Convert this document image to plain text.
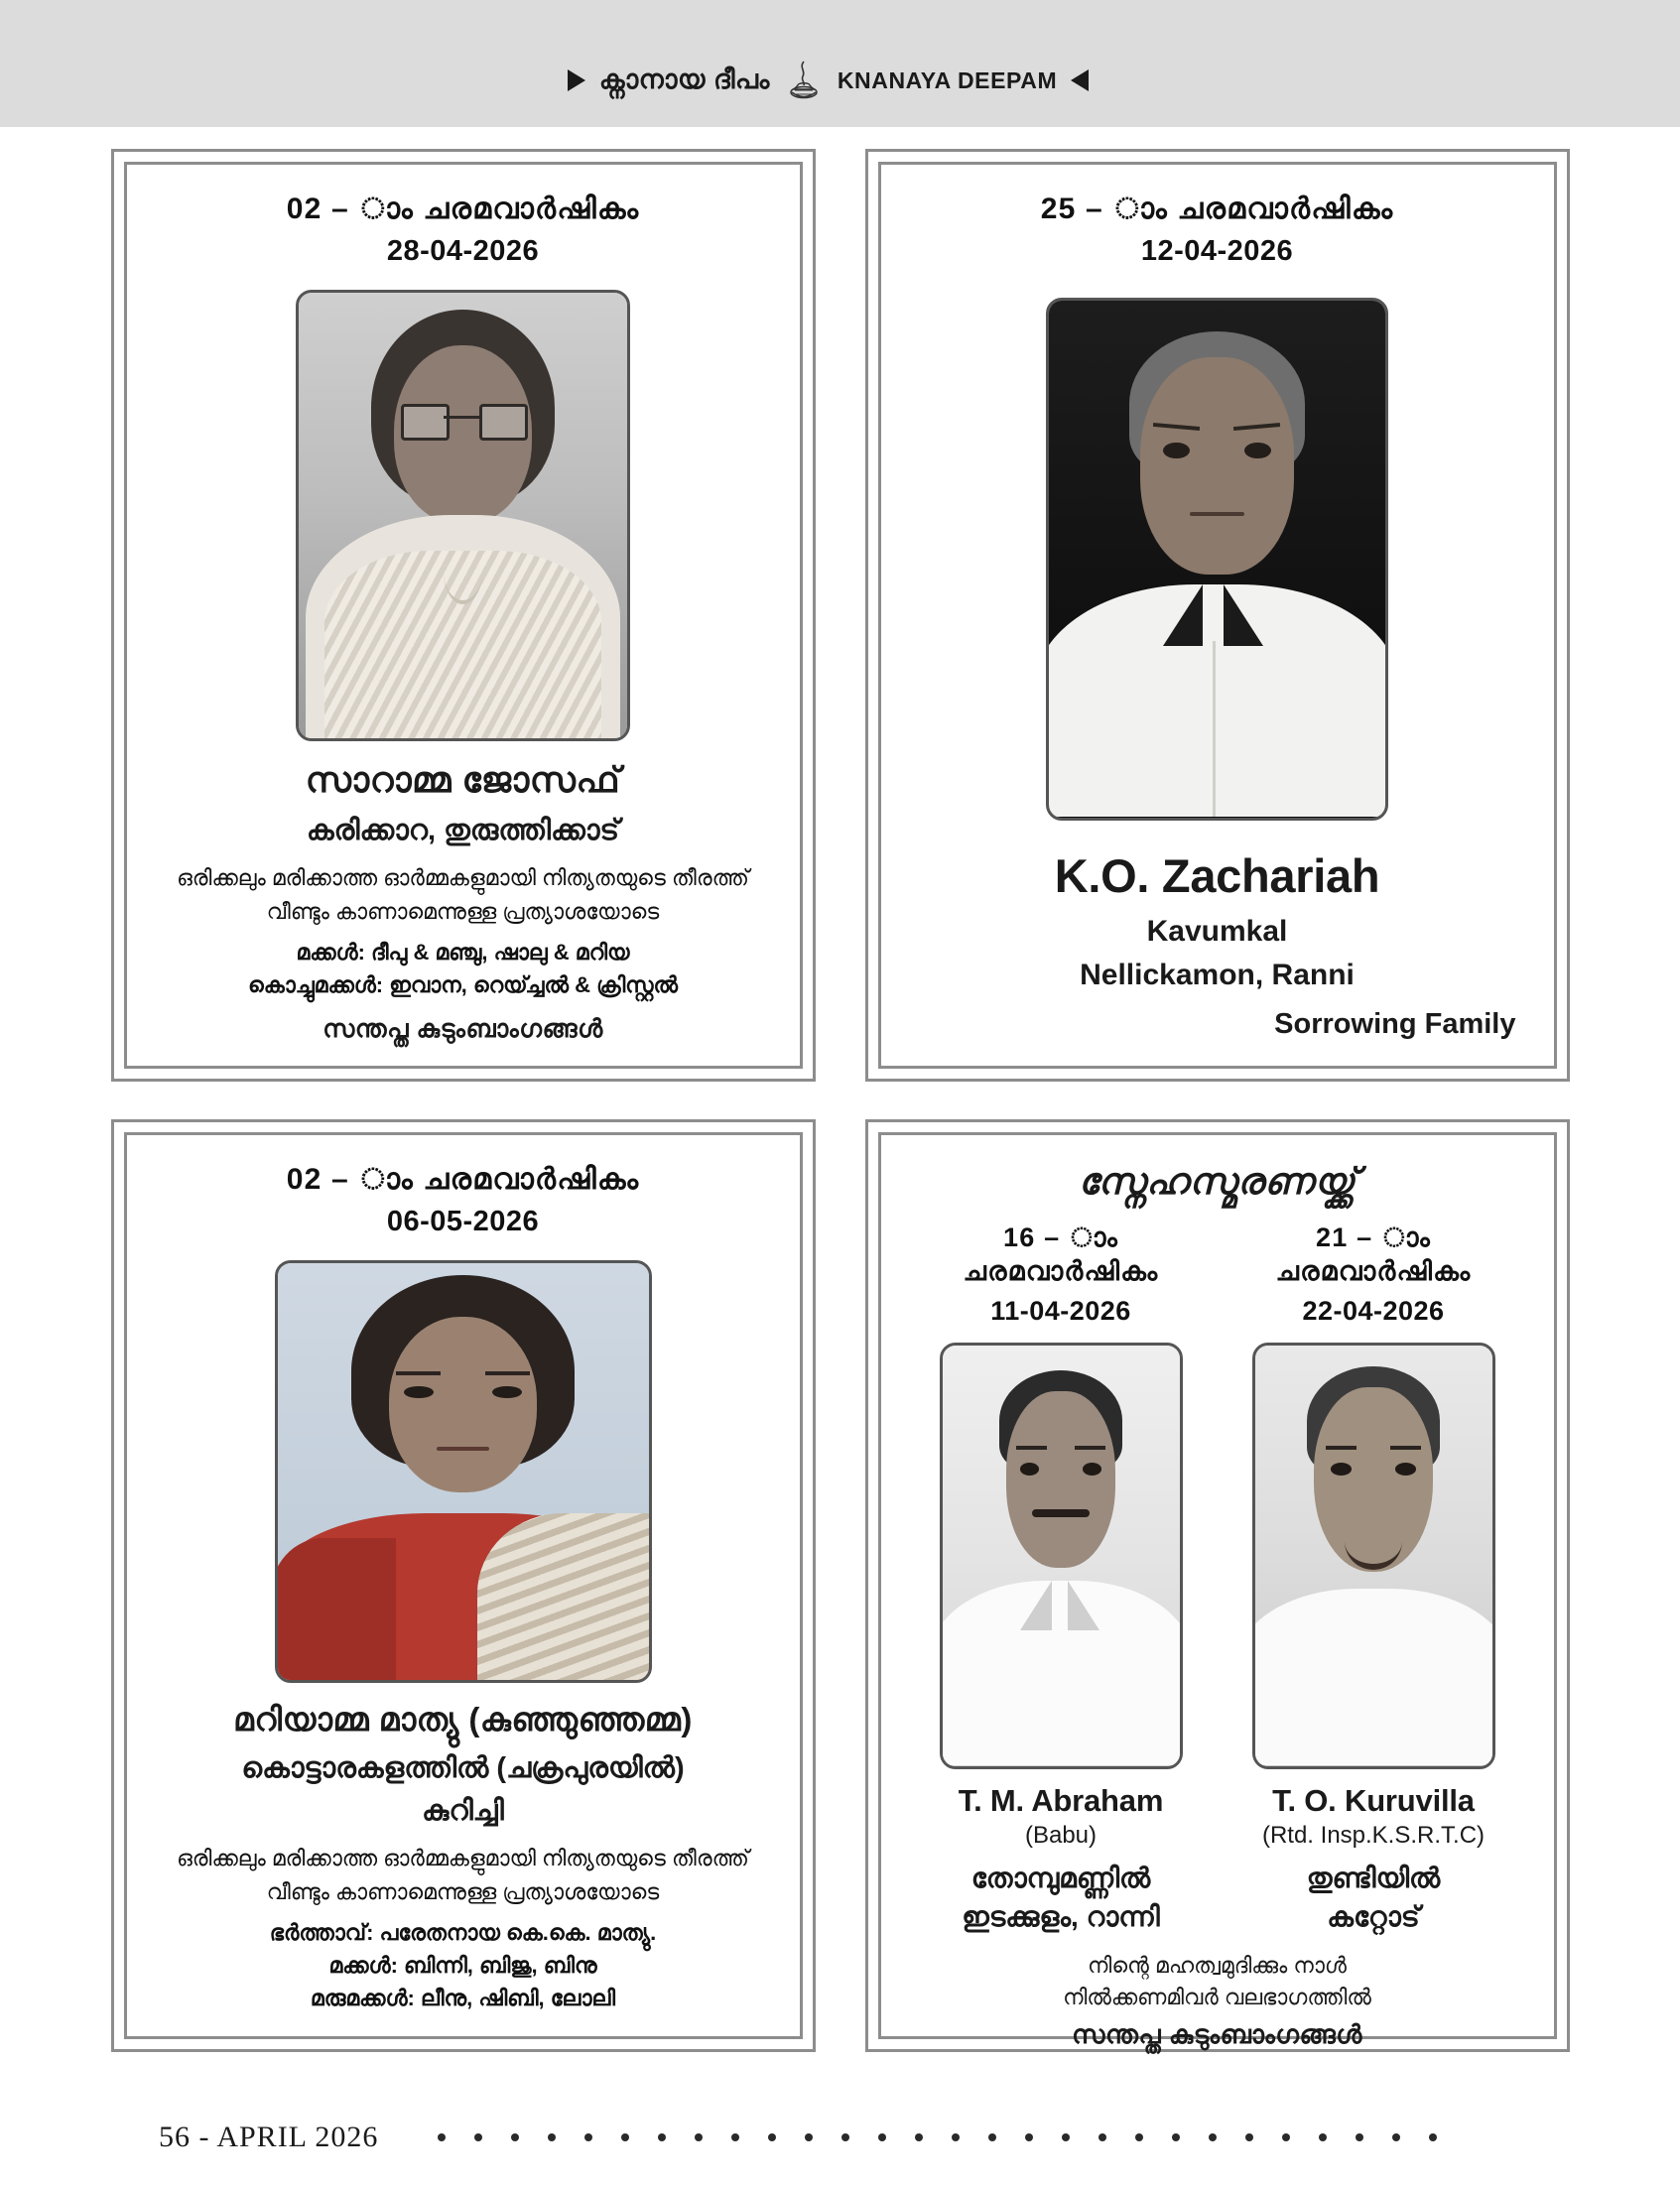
ക്നാനായ ദീപം	KNANAYA DEEPAM
02 – ാം ചരമവാർഷികം
28-04-2026
സാറാമ്മ ജോസഫ്
കരിക്കാറ, തുരുത്തിക്കാട്
ഒരിക്കലും മരിക്കാത്ത ഓർമ്മകളുമായി നിത്യതയുടെ തീരത്ത്
വീണ്ടും കാണാമെന്നുള്ള പ്രത്യാശയോടെ
മക്കൾ: ദീപു & മഞ്ചു, ഷാലു & മറിയ
കൊച്ചുമക്കൾ: ഇവാന, റെയ്ച്ചൽ & ക്രിസ്റ്റൽ
സന്തപ്ത കുടുംബാംഗങ്ങൾ
25 – ാം ചരമവാർഷികം
12-04-2026
K.O. Zachariah
Kavumkal
Nellickamon, Ranni
Sorrowing Family
02 – ാം ചരമവാർഷികം
06-05-2026
മറിയാമ്മ മാത്യു (കുഞ്ഞുഞ്ഞമ്മ)
കൊട്ടാരകളത്തിൽ (ചക്രപുരയിൽ)
കുറിച്ചി
ഒരിക്കലും മരിക്കാത്ത ഓർമ്മകളുമായി നിത്യതയുടെ തീരത്ത്
വീണ്ടും കാണാമെന്നുള്ള പ്രത്യാശയോടെ
ഭർത്താവ്: പരേതനായ കെ.കെ. മാത്യു.
മക്കൾ: ബിന്നി, ബിജു, ബിനു
മരുമക്കൾ: ലീനു, ഷിബി, ലോലി
സ്നേഹസ്മരണയ്ക്ക്
16 – ാം ചരമവാർഷികം
11-04-2026
21 – ാം ചരമവാർഷികം
22-04-2026
T. M. Abraham
(Babu)
തോമ്പുമണ്ണിൽ
ഇടക്കുളം, റാന്നി
T. O. Kuruvilla
(Rtd. Insp.K.S.R.T.C)
തുണ്ടിയിൽ
കറ്റോട്
നിന്റെ മഹത്വമുദിക്കും നാൾ
നിൽക്കണമിവർ വലഭാഗത്തിൽ
സന്തപ്ത കുടുംബാംഗങ്ങൾ
56 - APRIL 2026
